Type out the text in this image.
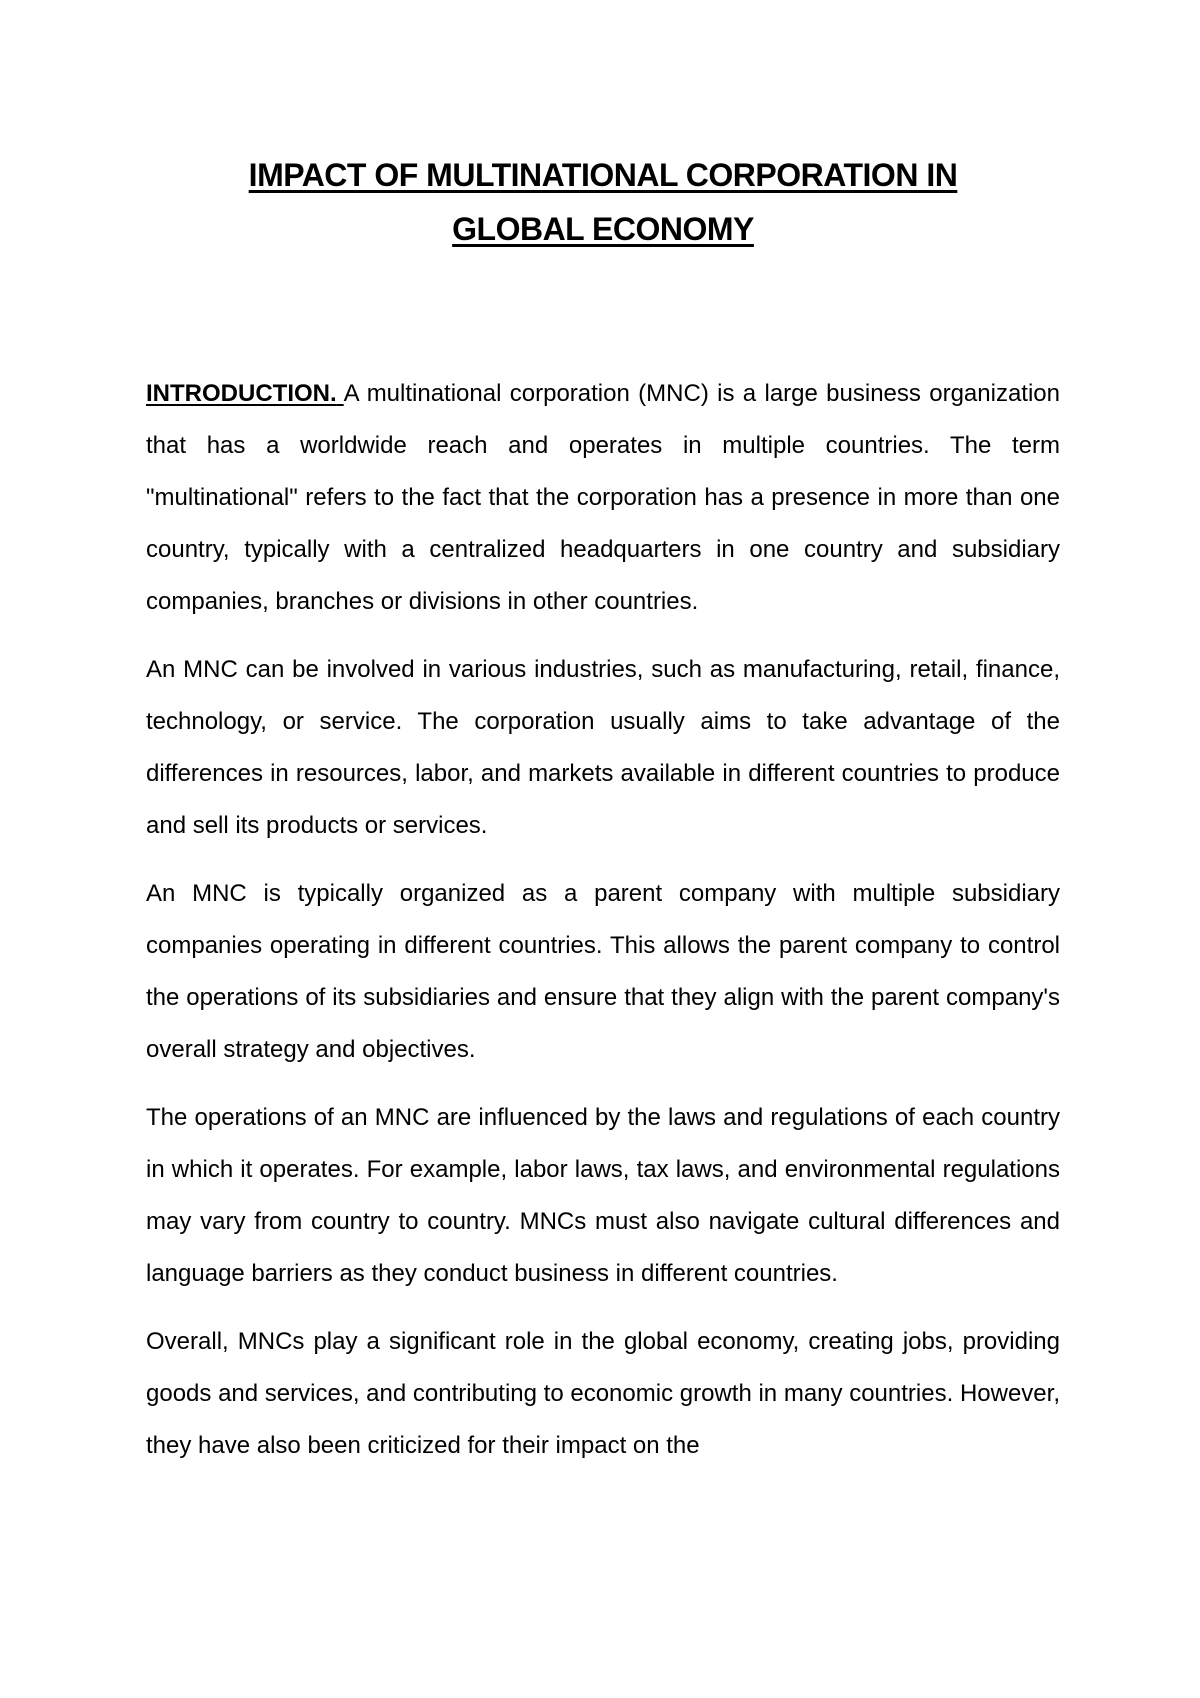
IMPACT OF MULTINATIONAL CORPORATION IN
GLOBAL ECONOMY

INTRODUCTION. A multinational corporation (MNC) is a large business organization that has a worldwide reach and operates in multiple countries. The term "multinational" refers to the fact that the corporation has a presence in more than one country, typically with a centralized headquarters in one country and subsidiary companies, branches or divisions in other countries.

An MNC can be involved in various industries, such as manufacturing, retail, finance, technology, or service. The corporation usually aims to take advantage of the differences in resources, labor, and markets available in different countries to produce and sell its products or services.

An MNC is typically organized as a parent company with multiple subsidiary companies operating in different countries. This allows the parent company to control the operations of its subsidiaries and ensure that they align with the parent company's overall strategy and objectives.

The operations of an MNC are influenced by the laws and regulations of each country in which it operates. For example, labor laws, tax laws, and environmental regulations may vary from country to country. MNCs must also navigate cultural differences and language barriers as they conduct business in different countries.

Overall, MNCs play a significant role in the global economy, creating jobs, providing goods and services, and contributing to economic growth in many countries. However, they have also been criticized for their impact on the
